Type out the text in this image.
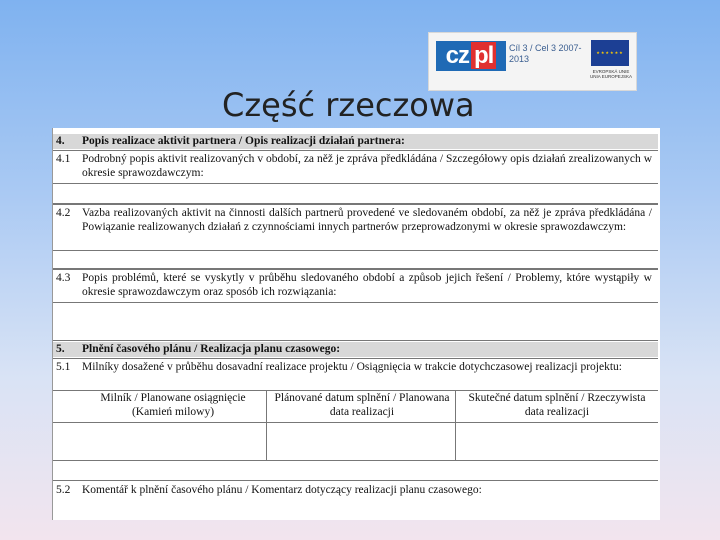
cz pl	Cíl 3 / Cel 3 2007-2013
★★★★★★
EVROPSKÁ UNIE UNIA EUROPEJSKA
Część rzeczowa
4. Popis realizace aktivit partnera / Opis realizacji działań partnera:
4.1 Podrobný popis aktivit realizovaných v období, za něž je zpráva předkládána / Szczegółowy opis działań zrealizowanych w okresie sprawozdawczym:
4.2 Vazba realizovaných aktivit na činnosti dalších partnerů provedené ve sledovaném období, za něž je zpráva předkládána / Powiązanie realizowanych działań z czynnościami innych partnerów przeprowadzonymi w okresie sprawozdawczym:
4.3 Popis problémů, které se vyskytly v průběhu sledovaného období a způsob jejich řešení / Problemy, które wystąpiły w okresie sprawozdawczym oraz sposób ich rozwiązania:
5. Plnění časového plánu / Realizacja planu czasowego:
5.1 Milníky dosažené v průběhu dosavadní realizace projektu / Osiągnięcia w trakcie dotychczasowej realizacji projektu:
Milník / Planowane osiągnięcie (Kamień milowy)
Plánované datum splnění / Planowana data realizacji
Skutečné datum splnění / Rzeczywista data realizacji
5.2 Komentář k plnění časového plánu / Komentarz dotyczący realizacji planu czasowego:
